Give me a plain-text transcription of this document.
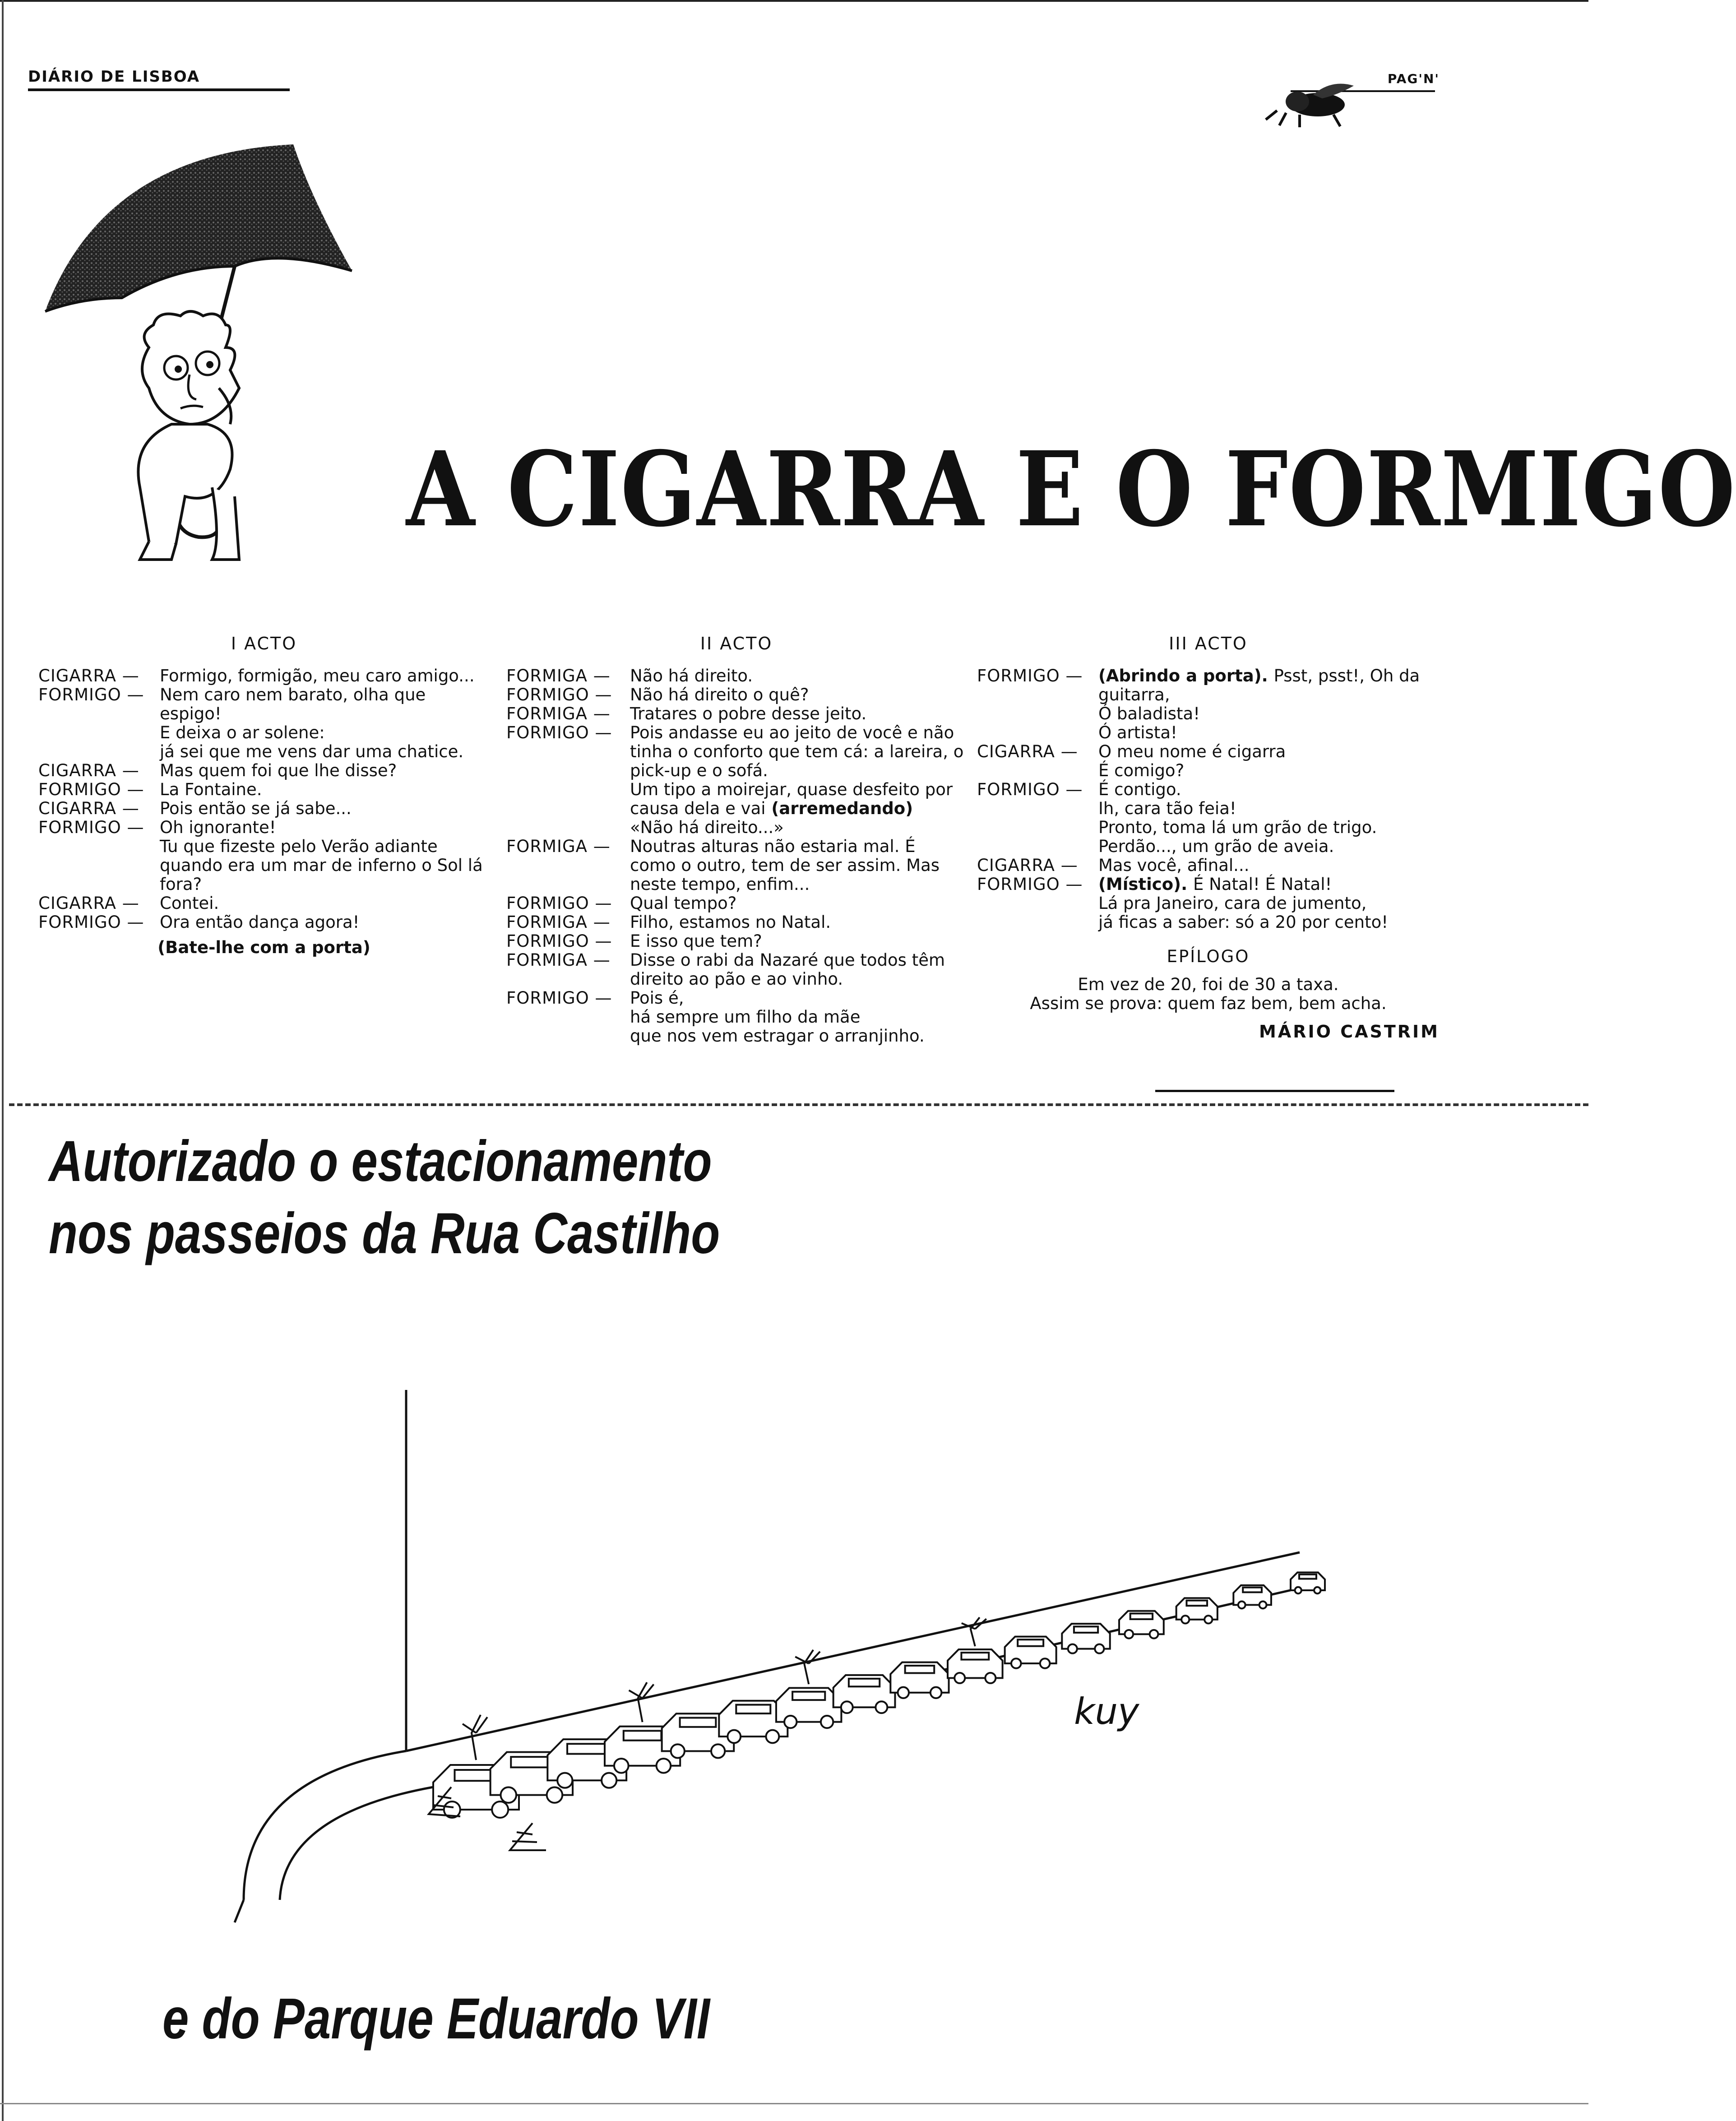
DIÁRIO DE LISBOA	PAG'N'
A CIGARRA E O FORMIGO
I ACTO
CIGARRA —	Formigo, formigão, meu caro amigo...
FORMIGO — Nem caro nem barato, olha que espigo!
E deixa o ar solene:
já sei que me vens dar uma chatice.
CIGARRA —	Mas quem foi que lhe disse?
FORMIGO — La Fontaine.
CIGARRA —	Pois então se já sabe...
FORMIGO — Oh ignorante!
Tu que fizeste pelo Verão adiante quando era um mar de inferno o Sol lá fora?
CIGARRA —	Contei.
FORMIGO — Ora então dança agora!
(Bate-lhe com a porta)
II ACTO
FORMIGA —	Não há direito.
FORMIGO —	Não há direito o quê?
FORMIGA —	Tratares o pobre desse jeito.
FORMIGO —	Pois andasse eu ao jeito de você e não tinha o conforto que tem cá: a lareira, o pick-up e o sofá.
Um tipo a moirejar, quase desfeito por causa dela e vai (arremedando)
«Não há direito...»
FORMIGA —	Noutras alturas não estaria mal. É como o outro, tem de ser assim. Mas neste tempo, enfim...
FORMIGO —	Qual tempo?
FORMIGA —	Filho, estamos no Natal.
FORMIGO —	E isso que tem?
FORMIGA —	Disse o rabi da Nazaré que todos têm direito ao pão e ao vinho.
FORMIGO —	Pois é,
há sempre um filho da mãe
que nos vem estragar o arranjinho.
III ACTO
FORMIGO — (Abrindo a porta). Psst, psst!, Oh da guitarra,
Ó baladista!
Ó artista!
CIGARRA —	O meu nome é cigarra
É comigo?
FORMIGO — É contigo.
Ih, cara tão feia!
Pronto, toma lá um grão de trigo.
Perdão..., um grão de aveia.
CIGARRA —	Mas você, afinal...
FORMIGO — (Místico). É Natal! É Natal!
Lá pra Janeiro, cara de jumento,
já ficas a saber: só a 20 por cento!
EPÍLOGO
Em vez de 20, foi de 30 a taxa.
Assim se prova: quem faz bem, bem acha.
MÁRIO CASTRIM
Autorizado o estacionamento
nos passeios da Rua Castilho
kuy
e do Parque Eduardo VII
